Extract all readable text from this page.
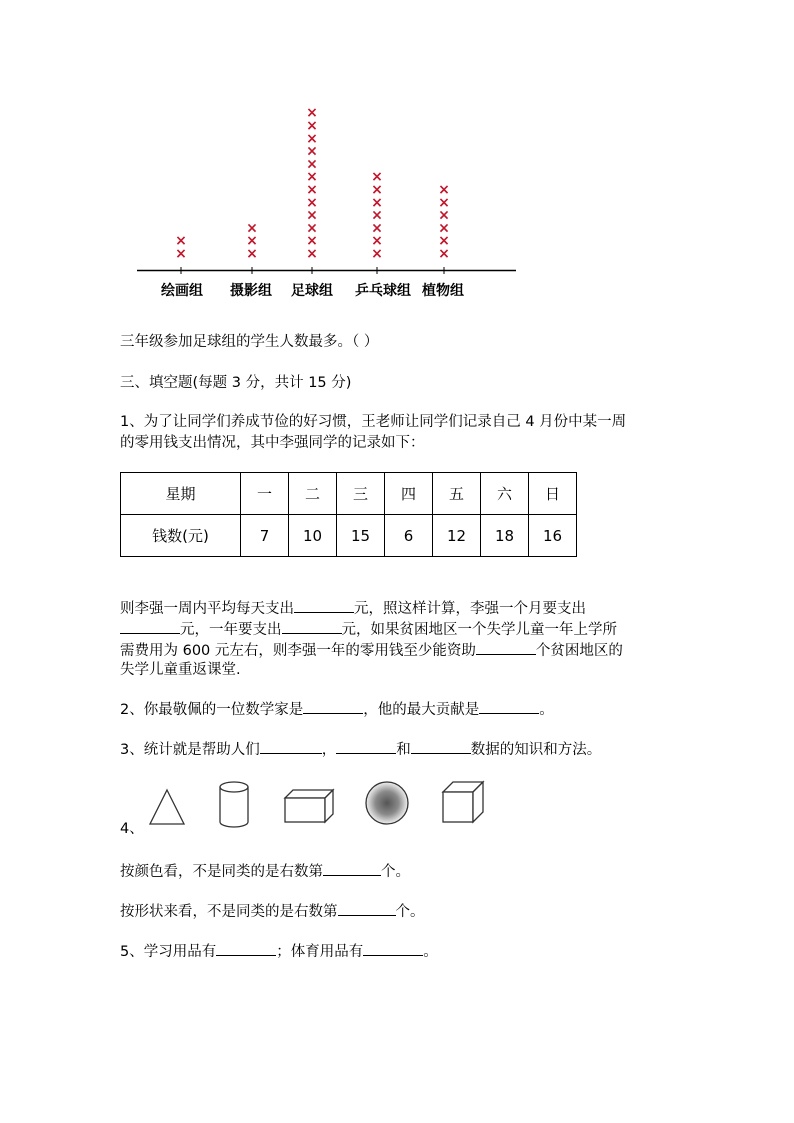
×
×
×
×
×
×
×
×
×
×
×
×
×
×
×
×
×
×
×
×
×
×
×
×
×
×
×
×
×
×
绘画组 摄影组 足球组 乒乓球组 植物组
三年级参加足球组的学生人数最多。（ ）
三、填空题(每题 3 分，共计 15 分)
1、为了让同学们养成节俭的好习惯，王老师让同学们记录自己 4 月份中某一周
的零用钱支出情况，其中李强同学的记录如下：
星期	一	二	三	四	五	六	日
钱数(元)	7	10	15	6	12	18	16
则李强一周内平均每天支出	元，照这样计算，李强一个月要支出
元，一年要支出	元，如果贫困地区一个失学儿童一年上学所
需费用为 600 元左右，则李强一年的零用钱至少能资助	个贫困地区的
失学儿童重返课堂.
2、你最敬佩的一位数学家是	，他的最大贡献是	。
3、统计就是帮助人们	，	和	数据的知识和方法。
4、
按颜色看，不是同类的是右数第	个。
按形状来看，不是同类的是右数第	个。
5、学习用品有	；体育用品有	。
